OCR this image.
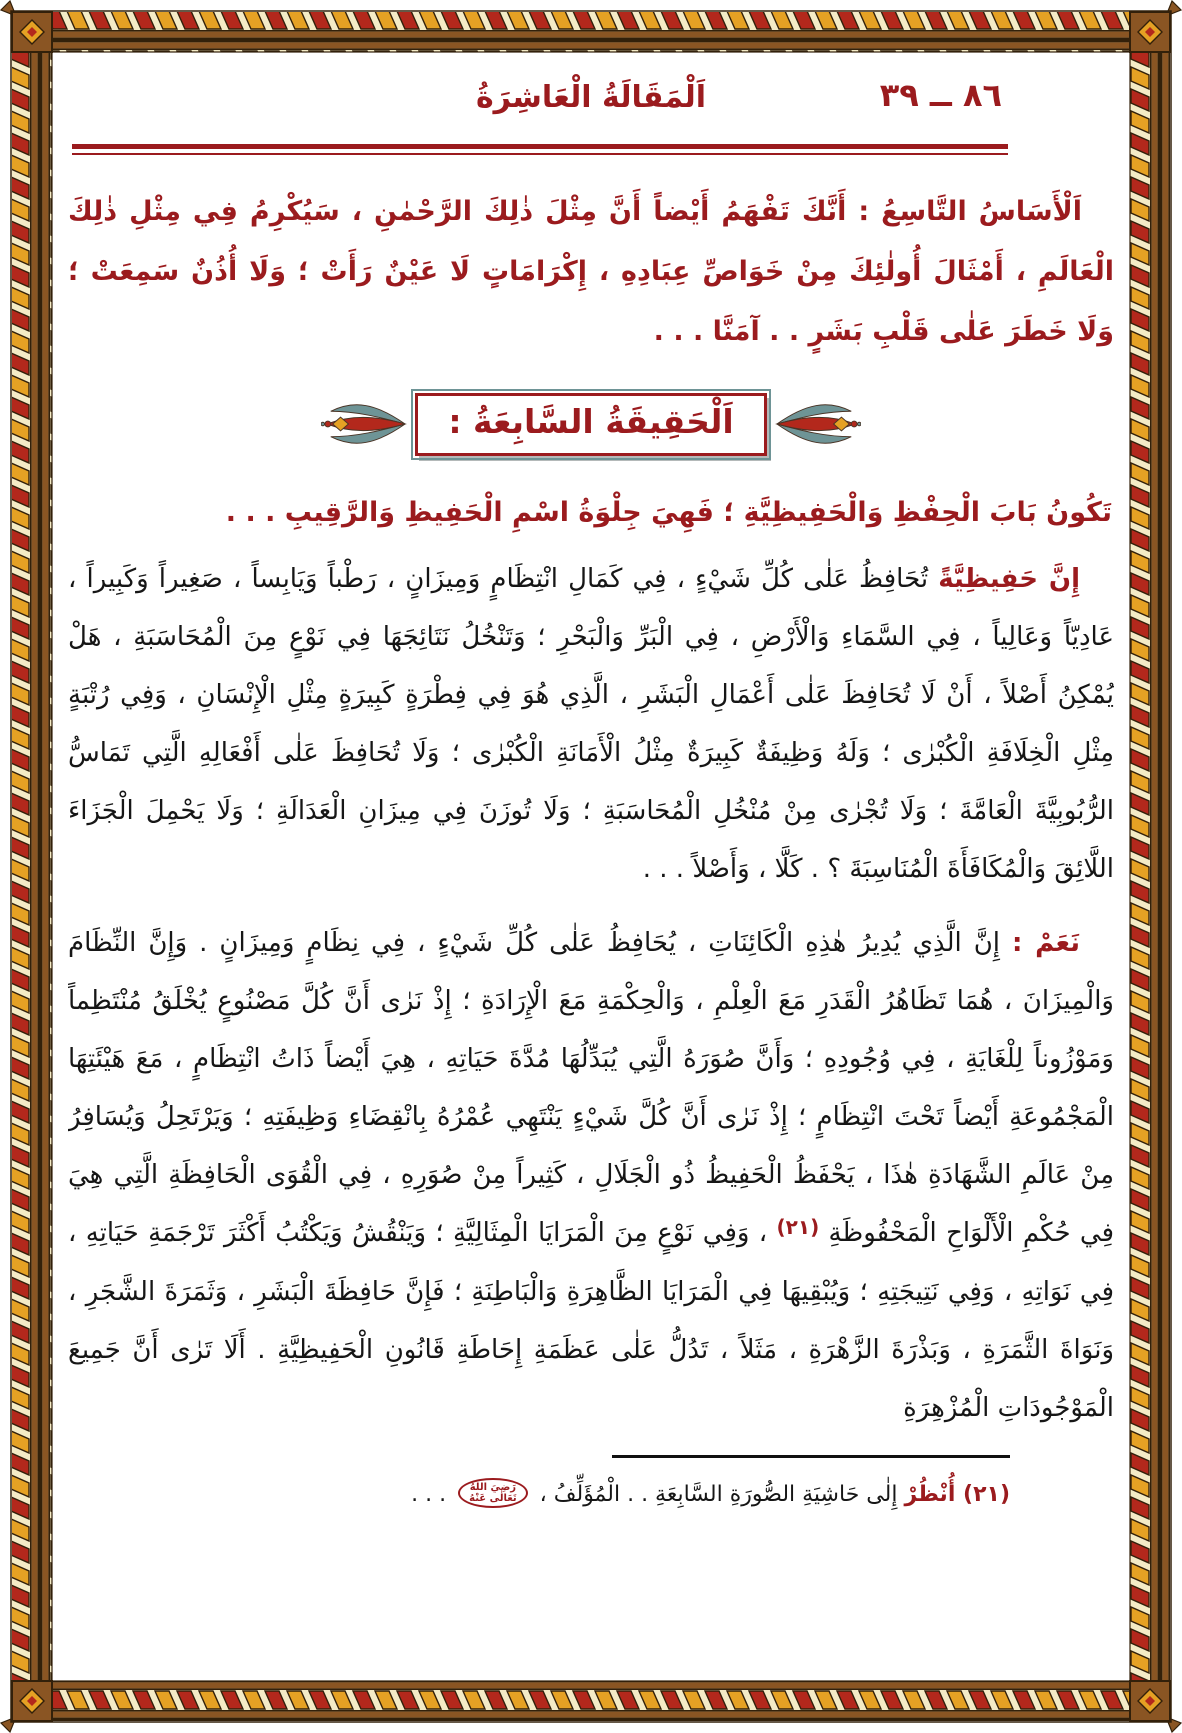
٨٦ ــ ٣٩
اَلْمَقَالَةُ الْعَاشِرَةُ

اَلْأَسَاسُ التَّاسِعُ : أَنَّكَ تَفْهَمُ أَيْضاً أَنَّ مِثْلَ ذٰلِكَ الرَّحْمٰنِ ، سَيُكْرِمُ فِي مِثْلِ ذٰلِكَ الْعَالَمِ ، أَمْثَالَ أُولٰئِكَ مِنْ خَوَاصِّ عِبَادِهِ ، إِكْرَامَاتٍ لَا عَيْنٌ رَأَتْ ؛ وَلَا أُذُنٌ سَمِعَتْ ؛ وَلَا خَطَرَ عَلٰى قَلْبِ بَشَرٍ . . آمَنَّا . . .

اَلْحَقِيقَةُ السَّابِعَةُ :

تَكُونُ بَابَ الْحِفْظِ وَالْحَفِيظِيَّةِ ؛ فَهِيَ جِلْوَةُ اسْمِ الْحَفِيظِ وَالرَّقِيبِ . . .

إِنَّ حَفِيظِيَّةً تُحَافِظُ عَلٰى كُلِّ شَيْءٍ ، فِي كَمَالِ انْتِظَامٍ وَمِيزَانٍ ، رَطْباً وَيَابِساً ، صَغِيراً وَكَبِيراً ، عَادِيّاً وَعَالِياً ، فِي السَّمَاءِ وَالْأَرْضِ ، فِي الْبَرِّ وَالْبَحْرِ ؛ وَتَنْخُلُ نَتَائِجَهَا فِي نَوْعٍ مِنَ الْمُحَاسَبَةِ ، هَلْ يُمْكِنُ أَصْلاً ، أَنْ لَا تُحَافِظَ عَلٰى أَعْمَالِ الْبَشَرِ ، الَّذِي هُوَ فِي فِطْرَةٍ كَبِيرَةٍ مِثْلِ الْإِنْسَانِ ، وَفِي رُتْبَةٍ مِثْلِ الْخِلَافَةِ الْكُبْرٰى ؛ وَلَهُ وَظِيفَةٌ كَبِيرَةٌ مِثْلُ الْأَمَانَةِ الْكُبْرٰى ؛ وَلَا تُحَافِظَ عَلٰى أَفْعَالِهِ الَّتِي تَمَاسُّ الرُّبُوبِيَّةَ الْعَامَّةَ ؛ وَلَا تُجْرٰى مِنْ مُنْخُلِ الْمُحَاسَبَةِ ؛ وَلَا تُوزَنَ فِي مِيزَانِ الْعَدَالَةِ ؛ وَلَا يَحْمِلَ الْجَزَاءَ اللَّائِقَ وَالْمُكَافَأَةَ الْمُنَاسِبَةَ ؟ . كَلَّا ، وَأَصْلاً . . .

نَعَمْ : إِنَّ الَّذِي يُدِيرُ هٰذِهِ الْكَائِنَاتِ ، يُحَافِظُ عَلٰى كُلِّ شَيْءٍ ، فِي نِظَامٍ وَمِيزَانٍ . وَإِنَّ النِّظَامَ وَالْمِيزَانَ ، هُمَا تَظَاهُرُ الْقَدَرِ مَعَ الْعِلْمِ ، وَالْحِكْمَةِ مَعَ الْإِرَادَةِ ؛ إِذْ نَرٰى أَنَّ كُلَّ مَصْنُوعٍ يُخْلَقُ مُنْتَظِماً وَمَوْزُوناً لِلْغَايَةِ ، فِي وُجُودِهِ ؛ وَأَنَّ صُوَرَهُ الَّتِي يُبَدِّلُهَا مُدَّةَ حَيَاتِهِ ، هِيَ أَيْضاً ذَاتُ انْتِظَامٍ ، مَعَ هَيْئَتِهَا الْمَجْمُوعَةِ أَيْضاً تَحْتَ انْتِظَامٍ ؛ إِذْ نَرٰى أَنَّ كُلَّ شَيْءٍ يَنْتَهِي عُمْرُهُ بِانْقِضَاءِ وَظِيفَتِهِ ؛ وَيَرْتَحِلُ وَيُسَافِرُ مِنْ عَالَمِ الشَّهَادَةِ هٰذَا ، يَحْفَظُ الْحَفِيظُ ذُو الْجَلَالِ ، كَثِيراً مِنْ صُوَرِهِ ، فِي الْقُوَى الْحَافِظَةِ الَّتِي هِيَ فِي حُكْمِ الْأَلْوَاحِ الْمَحْفُوظَةِ $^{(٢١)}$ ، وَفِي نَوْعٍ مِنَ الْمَرَايَا الْمِثَالِيَّةِ ؛ وَيَنْقُشُ وَيَكْتُبُ أَكْثَرَ تَرْجَمَةِ حَيَاتِهِ ، فِي نَوَاتِهِ ، وَفِي نَتِيجَتِهِ ؛ وَيُبْقِيهَا فِي الْمَرَايَا الظَّاهِرَةِ وَالْبَاطِنَةِ ؛ فَإِنَّ حَافِظَةَ الْبَشَرِ ، وَثَمَرَةَ الشَّجَرِ ، وَنَوَاةَ الثَّمَرَةِ ، وَبَذْرَةَ الزَّهْرَةِ ، مَثَلاً ، تَدُلُّ عَلٰى عَظَمَةِ إِحَاطَةِ قَانُونِ الْحَفِيظِيَّةِ . أَلَا تَرٰى أَنَّ جَمِيعَ الْمَوْجُودَاتِ الْمُزْهِرَةِ

(٢١) أُنْظُرْ إِلٰى حَاشِيَةِ الصُّورَةِ السَّابِعَةِ . . الْمُؤَلِّفُ ،
رَضِيَ اللهُ
تَعَالٰى عَنْهُ
. . .
